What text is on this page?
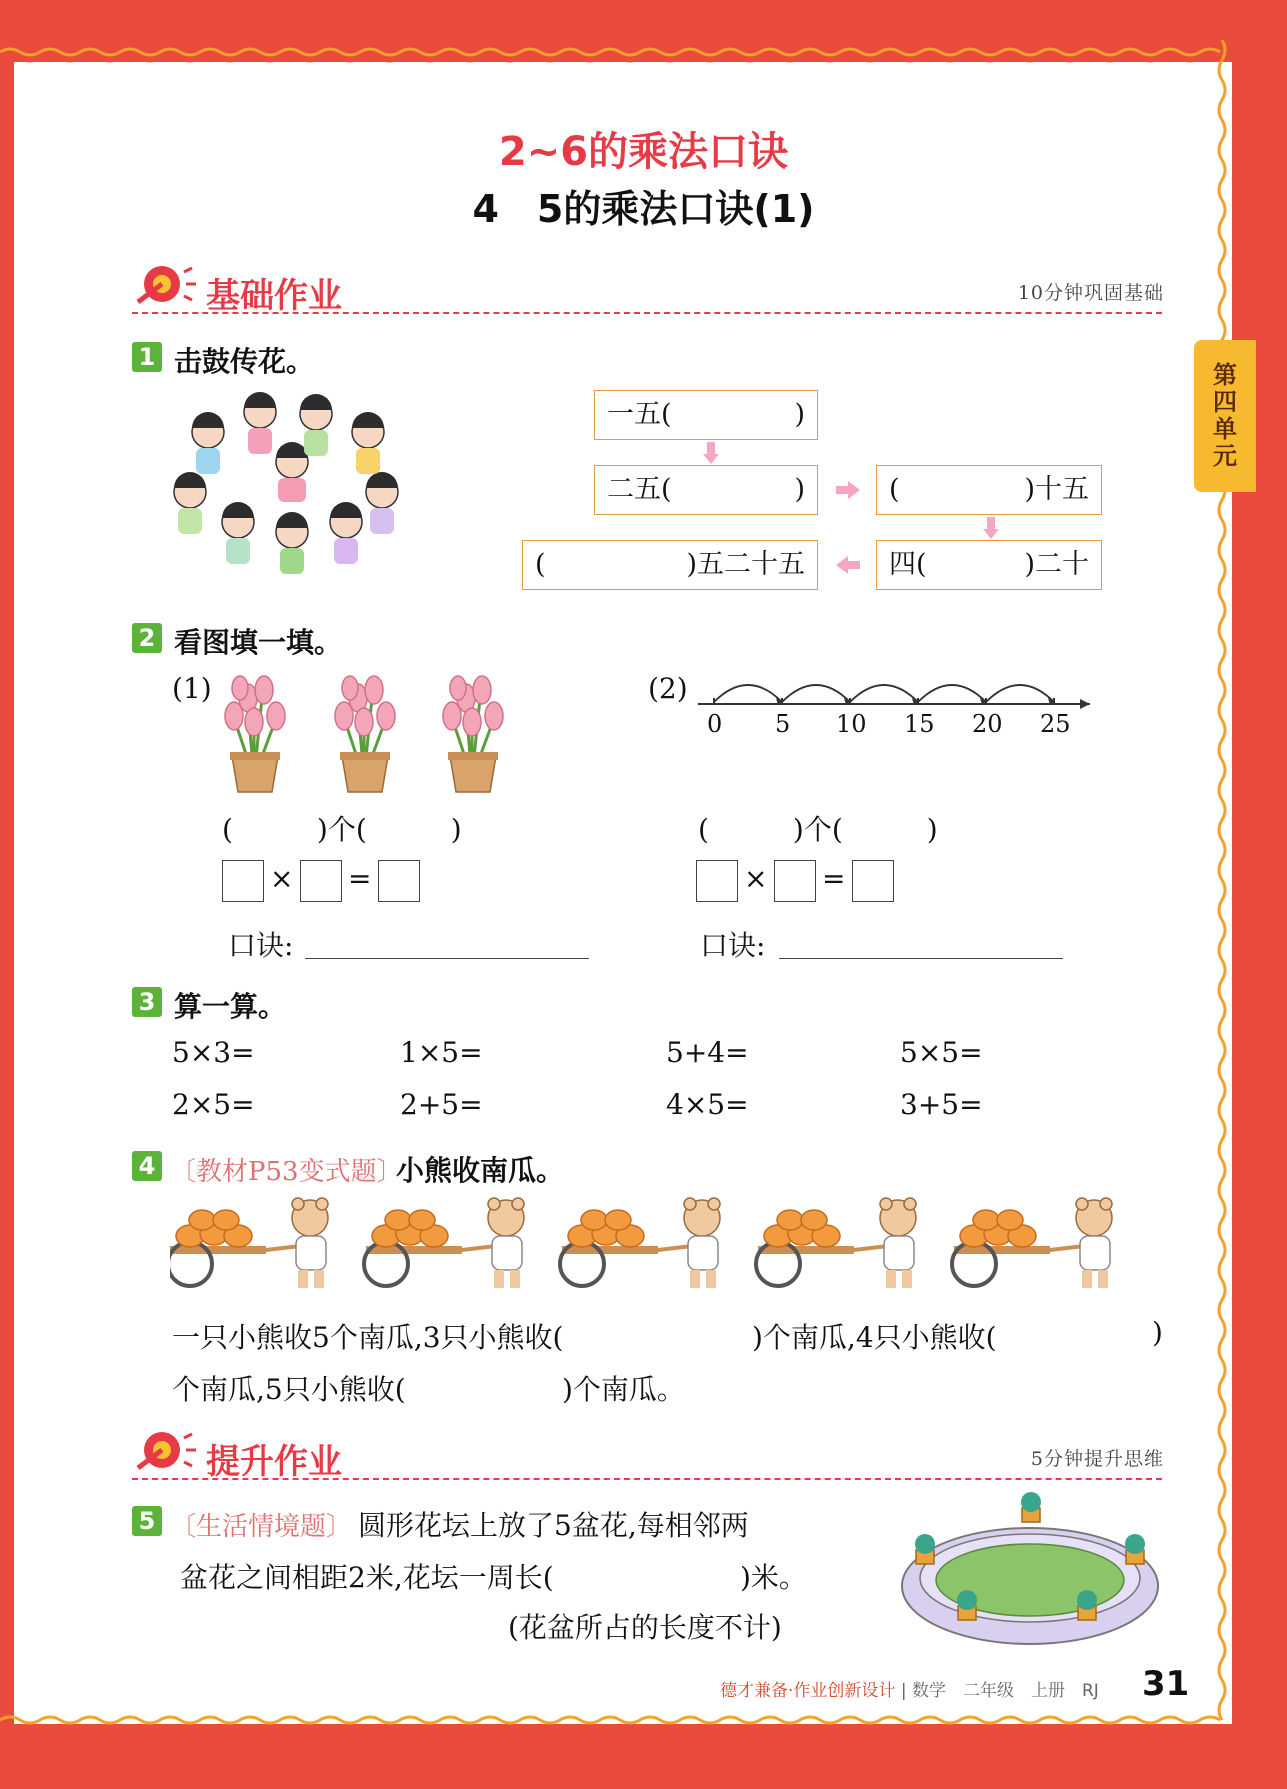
2~6的乘法口诀
4　5的乘法口诀(1)
第四单元
基础作业	10分钟巩固基础
1 击鼓传花。
一五(	)
二五(	)	(	)十五
四(	)二十
(	)五二十五
2 看图填一填。
(1)	(2)
0 5 10 15 20 25
(　　　)个(　　　)
× =
口诀:
(　　　)个(　　　)
× =
口诀:
3 算一算。
5×3=	1×5=	5+4=	5×5=
2×5=	2+5=	4×5=	3+5=
4 〔教材P53变式题〕
小熊收南瓜。
一只小熊收5个南瓜,3只小熊收(	)个南瓜,4只小熊收(	)
个南瓜,5只小熊收(	)个南瓜。
提升作业	5分钟提升思维
5 〔生活情境题〕 圆形花坛上放了5盆花,每相邻两
盆花之间相距2米,花坛一周长(	)米。
(花盆所占的长度不计)
德才兼备·作业创新设计 | 数学　二年级　上册　RJ 31
